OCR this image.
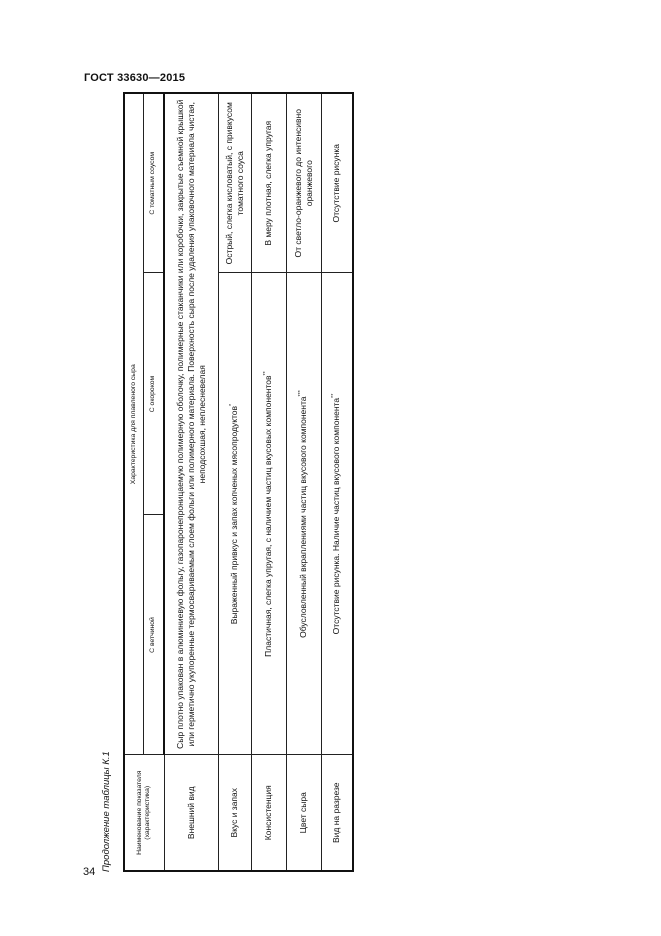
ГОСТ 33630—2015
34 Продолжение таблицы К.1	Наименование показателя (характеристика)	Характеристика для плавленого сыра		
	С ветчиной	С окороком	С томатным соусом
Внешний вид	Сыр плотно упакован в алюминиевую фольгу, газопаронепроницаемую полимерную оболочку, полимерные стаканчики или коробочки, закрытые съемной крышкой или герметично укупоренные термосвариваемым слоем фольги или полимерного материала. Поверхность сыра после удаления упаковочного материала чистая, неподсохшая, неплесневелая		
Вкус и запах	Выраженный привкус и запах копченых мясопродуктов*		Острый, слегка кисловатый, с привкусом томатного соуса
Консистенция	Пластичная, слегка упругая, с наличием частиц вкусовых компонентов**		В меру плотная, слегка упругая
Цвет сыра	Обусловленный вкраплениями частиц вкусового компонента***		От светло-оранжевого до интенсивно оранжевого
Вид на разрезе	Отсутствие рисунка. Наличие частиц вкусового компонента**		Отсутствие рисунка
